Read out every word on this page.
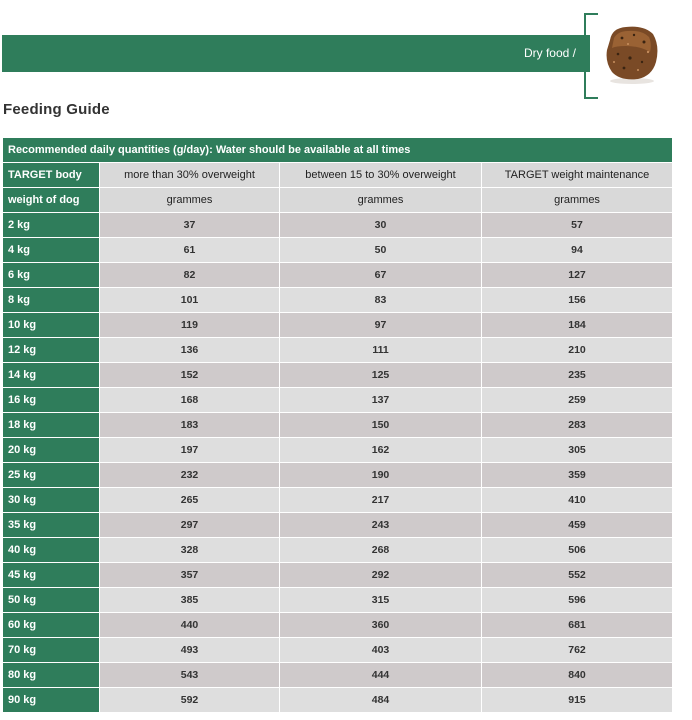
Dry food /
Feeding Guide
Recommended daily quantities (g/day): Water should be available at all times			
TARGET body	more than 30% overweight	between 15 to 30% overweight	TARGET weight maintenance
weight of dog	grammes	grammes	grammes
2 kg	37	30	57
4 kg	61	50	94
6 kg	82	67	127
8 kg	101	83	156
10 kg	119	97	184
12 kg	136	111	210
14 kg	152	125	235
16 kg	168	137	259
18 kg	183	150	283
20 kg	197	162	305
25 kg	232	190	359
30 kg	265	217	410
35 kg	297	243	459
40 kg	328	268	506
45 kg	357	292	552
50 kg	385	315	596
60 kg	440	360	681
70 kg	493	403	762
80 kg	543	444	840
90 kg	592	484	915
